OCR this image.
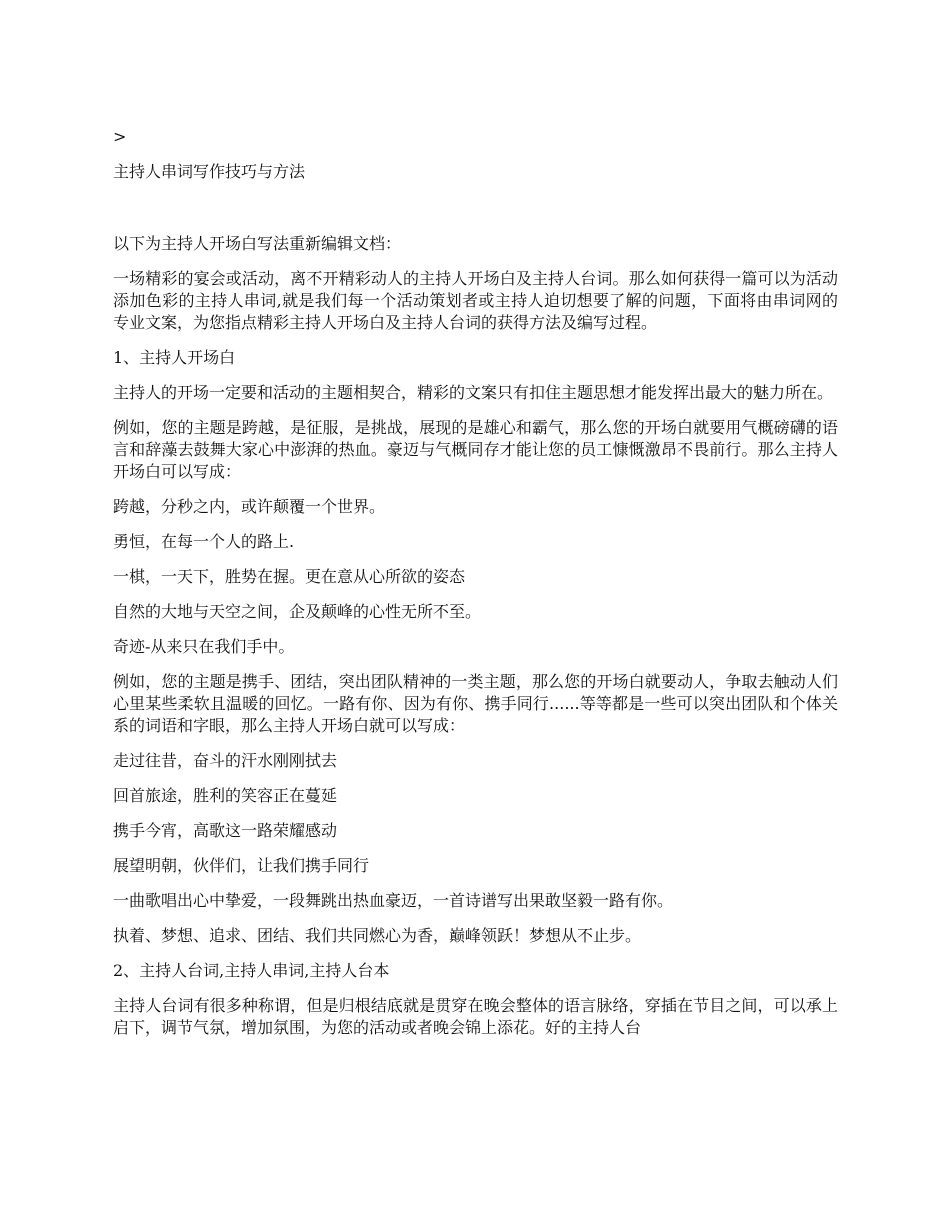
>
主持人串词写作技巧与方法

以下为主持人开场白写法重新编辑文档：

一场精彩的宴会或活动，离不开精彩动人的主持人开场白及主持人台词。那么如何获得一篇可以为活动添加色彩的主持人串词,就是我们每一个活动策划者或主持人迫切想要了解的问题，下面将由串词网的专业文案，为您指点精彩主持人开场白及主持人台词的获得方法及编写过程。

1、主持人开场白

主持人的开场一定要和活动的主题相契合，精彩的文案只有扣住主题思想才能发挥出最大的魅力所在。

例如，您的主题是跨越，是征服，是挑战，展现的是雄心和霸气，那么您的开场白就要用气概磅礴的语言和辞藻去鼓舞大家心中澎湃的热血。豪迈与气概同存才能让您的员工慷慨激昂不畏前行。那么主持人开场白可以写成：

跨越，分秒之内，或许颠覆一个世界。

勇恒，在每一个人的路上.

一棋，一天下，胜势在握。更在意从心所欲的姿态

自然的大地与天空之间，企及颠峰的心性无所不至。

奇迹-从来只在我们手中。

例如，您的主题是携手、团结，突出团队精神的一类主题，那么您的开场白就要动人，争取去触动人们心里某些柔软且温暖的回忆。一路有你、因为有你、携手同行......等等都是一些可以突出团队和个体关系的词语和字眼，那么主持人开场白就可以写成：

走过往昔，奋斗的汗水刚刚拭去

回首旅途，胜利的笑容正在蔓延

携手今宵，高歌这一路荣耀感动

展望明朝，伙伴们，让我们携手同行

一曲歌唱出心中挚爱，一段舞跳出热血豪迈，一首诗谱写出果敢坚毅一路有你。

执着、梦想、追求、团结、我们共同燃心为香，巅峰领跃！梦想从不止步。

2、主持人台词,主持人串词,主持人台本

主持人台词有很多种称谓，但是归根结底就是贯穿在晚会整体的语言脉络，穿插在节目之间，可以承上启下，调节气氛，增加氛围，为您的活动或者晚会锦上添花。好的主持人台
